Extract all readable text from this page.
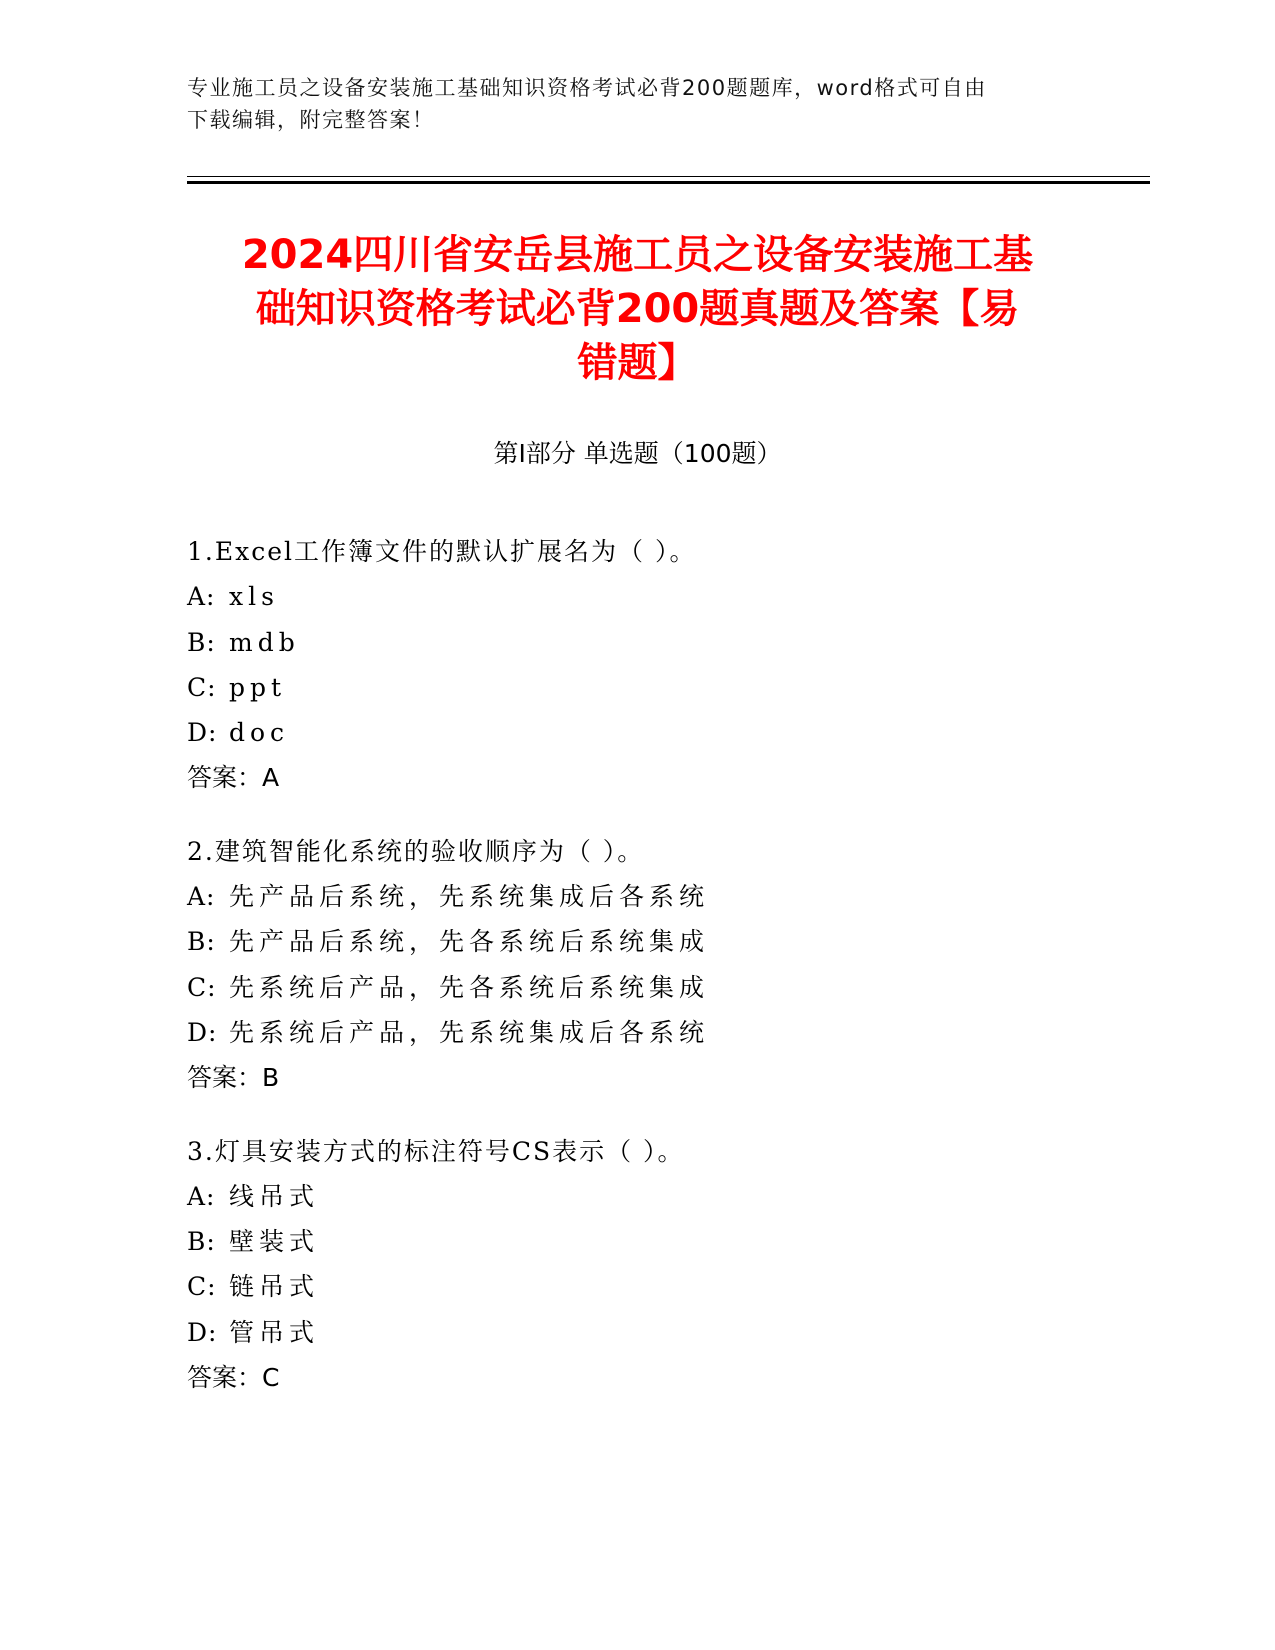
专业施工员之设备安装施工基础知识资格考试必背200题题库，word格式可自由
下载编辑，附完整答案！
2024四川省安岳县施工员之设备安装施工基
础知识资格考试必背200题真题及答案【易
错题】
第Ⅰ部分 单选题（100题）
1.Excel工作簿文件的默认扩展名为（ ）。
A: xls
B: mdb
C: ppt
D: doc
答案：A
2.建筑智能化系统的验收顺序为（ ）。
A: 先产品后系统，先系统集成后各系统
B: 先产品后系统，先各系统后系统集成
C: 先系统后产品，先各系统后系统集成
D: 先系统后产品，先系统集成后各系统
答案：B
3.灯具安装方式的标注符号CS表示（ ）。
A: 线吊式
B: 壁装式
C: 链吊式
D: 管吊式
答案：C
